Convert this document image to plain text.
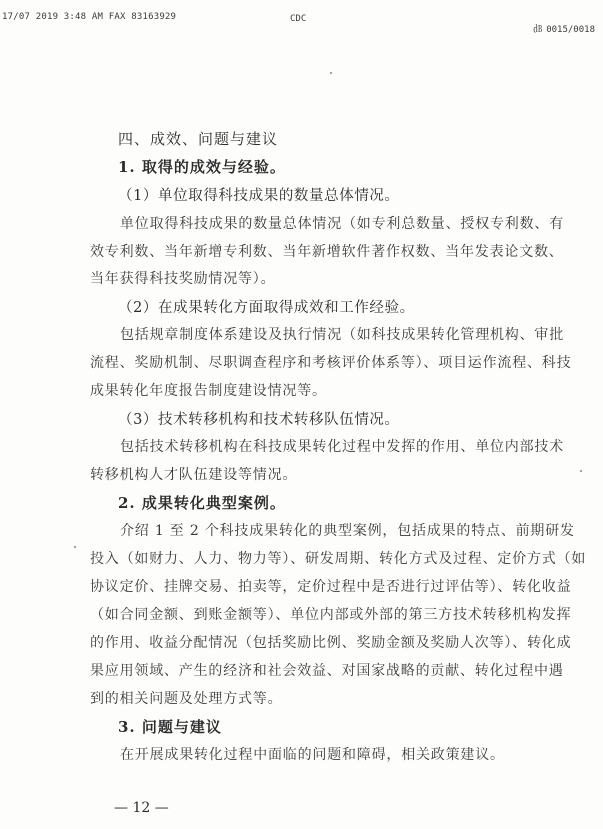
17/07 2019 3:48 AM FAX 83163929	CDC
㏈ 0015/0018
四、成效、问题与建议
1. 取得的成效与经验。
（1）单位取得科技成果的数量总体情况。
单位取得科技成果的数量总体情况（如专利总数量、授权专利数、有
效专利数、当年新增专利数、当年新增软件著作权数、当年发表论文数、
当年获得科技奖励情况等）。
（2）在成果转化方面取得成效和工作经验。
包括规章制度体系建设及执行情况（如科技成果转化管理机构、审批
流程、奖励机制、尽职调查程序和考核评价体系等）、项目运作流程、科技
成果转化年度报告制度建设情况等。
（3）技术转移机构和技术转移队伍情况。
包括技术转移机构在科技成果转化过程中发挥的作用、单位内部技术
转移机构人才队伍建设等情况。
2. 成果转化典型案例。
介绍 1 至 2 个科技成果转化的典型案例，包括成果的特点、前期研发
投入（如财力、人力、物力等）、研发周期、转化方式及过程、定价方式（如
协议定价、挂牌交易、拍卖等，定价过程中是否进行过评估等）、转化收益
（如合同金额、到账金额等）、单位内部或外部的第三方技术转移机构发挥
的作用、收益分配情况（包括奖励比例、奖励金额及奖励人次等）、转化成
果应用领域、产生的经济和社会效益、对国家战略的贡献、转化过程中遇
到的相关问题及处理方式等。
3. 问题与建议
在开展成果转化过程中面临的问题和障碍，相关政策建议。
— 12 —
